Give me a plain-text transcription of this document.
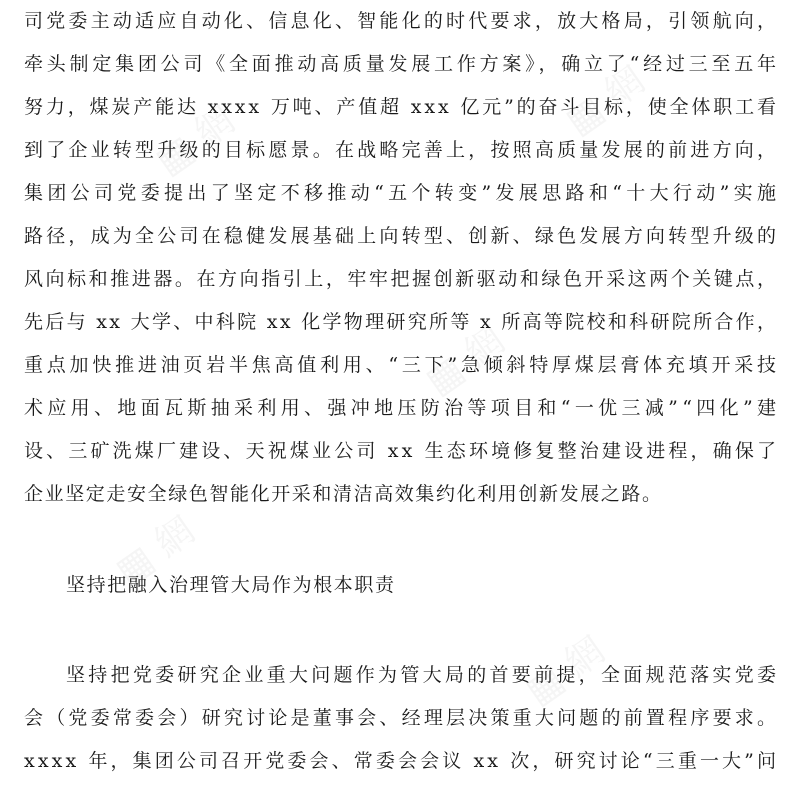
▦ 網	▦ 網
▦ 網
▦ 網
▦ 網
司党委主动适应自动化、信息化、智能化的时代要求，放大格局，引领航向，
牵头制定集团公司《全面推动高质量发展工作方案》，确立了“经过三至五年
努力，煤炭产能达 xxxx 万吨、产值超 xxx 亿元”的奋斗目标，使全体职工看
到了企业转型升级的目标愿景。在战略完善上，按照高质量发展的前进方向，
集团公司党委提出了坚定不移推动“五个转变”发展思路和“十大行动”实施
路径，成为全公司在稳健发展基础上向转型、创新、绿色发展方向转型升级的
风向标和推进器。在方向指引上，牢牢把握创新驱动和绿色开采这两个关键点，
先后与 xx 大学、中科院 xx 化学物理研究所等 x 所高等院校和科研院所合作，
重点加快推进油页岩半焦高值利用、“三下”急倾斜特厚煤层膏体充填开采技
术应用、地面瓦斯抽采利用、强冲地压防治等项目和“一优三减”“四化”建
设、三矿洗煤厂建设、天祝煤业公司 xx 生态环境修复整治建设进程，确保了
企业坚定走安全绿色智能化开采和清洁高效集约化利用创新发展之路。
坚持把融入治理管大局作为根本职责
坚持把党委研究企业重大问题作为管大局的首要前提，全面规范落实党委
会（党委常委会）研究讨论是董事会、经理层决策重大问题的前置程序要求。
xxxx 年，集团公司召开党委会、常委会会议 xx 次，研究讨论“三重一大”问
